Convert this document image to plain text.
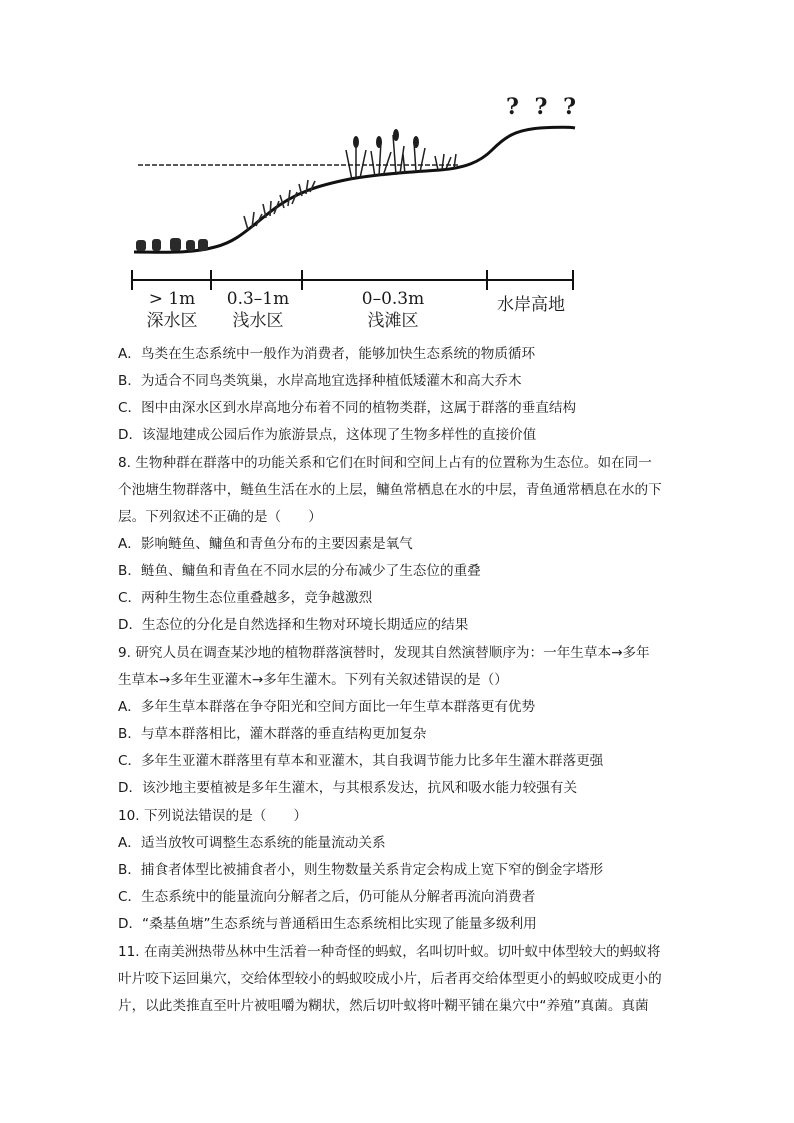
? ? ?
> 1m
深水区
0.3–1m
浅水区
0–0.3m
浅滩区
水岸高地
A．鸟类在生态系统中一般作为消费者，能够加快生态系统的物质循环
B．为适合不同鸟类筑巢，水岸高地宜选择种植低矮灌木和高大乔木
C．图中由深水区到水岸高地分布着不同的植物类群，这属于群落的垂直结构
D．该湿地建成公园后作为旅游景点，这体现了生物多样性的直接价值
8. 生物种群在群落中的功能关系和它们在时间和空间上占有的位置称为生态位。如在同一
个池塘生物群落中，鲢鱼生活在水的上层，鳙鱼常栖息在水的中层，青鱼通常栖息在水的下
层。下列叙述不正确的是（　　）
A．影响鲢鱼、鳙鱼和青鱼分布的主要因素是氧气
B．鲢鱼、鳙鱼和青鱼在不同水层的分布减少了生态位的重叠
C．两种生物生态位重叠越多，竞争越激烈
D．生态位的分化是自然选择和生物对环境长期适应的结果
9. 研究人员在调查某沙地的植物群落演替时，发现其自然演替顺序为：一年生草本→多年
生草本→多年生亚灌木→多年生灌木。下列有关叙述错误的是（）
A．多年生草本群落在争夺阳光和空间方面比一年生草本群落更有优势
B．与草本群落相比，灌木群落的垂直结构更加复杂
C．多年生亚灌木群落里有草本和亚灌木，其自我调节能力比多年生灌木群落更强
D．该沙地主要植被是多年生灌木，与其根系发达，抗风和吸水能力较强有关
10. 下列说法错误的是（　　）
A．适当放牧可调整生态系统的能量流动关系
B．捕食者体型比被捕食者小，则生物数量关系肯定会构成上宽下窄的倒金字塔形
C．生态系统中的能量流向分解者之后，仍可能从分解者再流向消费者
D．“桑基鱼塘”生态系统与普通稻田生态系统相比实现了能量多级利用
11. 在南美洲热带丛林中生活着一种奇怪的蚂蚁，名叫切叶蚁。切叶蚁中体型较大的蚂蚁将
叶片咬下运回巢穴，交给体型较小的蚂蚁咬成小片，后者再交给体型更小的蚂蚁咬成更小的
片，以此类推直至叶片被咀嚼为糊状，然后切叶蚁将叶糊平铺在巢穴中“养殖”真菌。真菌
